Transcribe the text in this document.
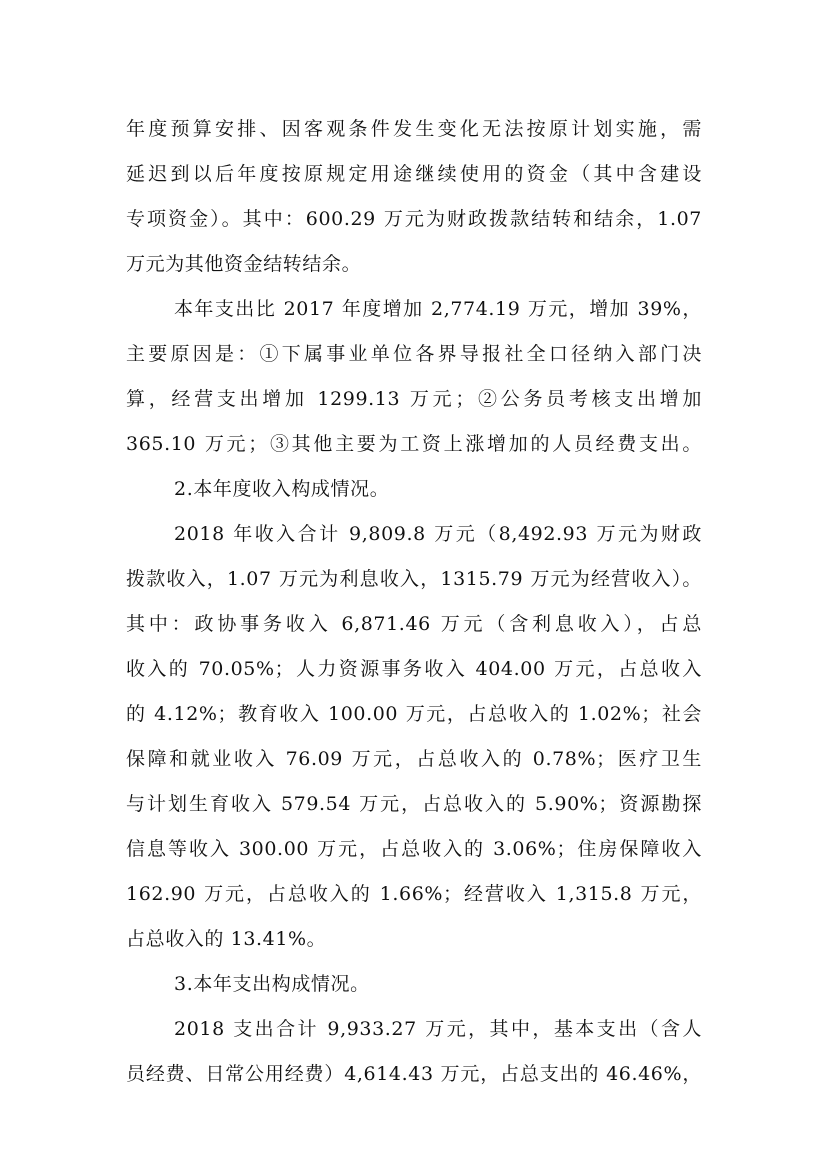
年度预算安排、因客观条件发生变化无法按原计划实施，需
延迟到以后年度按原规定用途继续使用的资金（其中含建设
专项资金）。其中：600.29 万元为财政拨款结转和结余，1.07
万元为其他资金结转结余。
本年支出比 2017 年度增加 2,774.19 万元，增加 39%，
主要原因是：①下属事业单位各界导报社全口径纳入部门决
算，经营支出增加 1299.13 万元；②公务员考核支出增加
365.10 万元；③其他主要为工资上涨增加的人员经费支出。
2.本年度收入构成情况。
2018 年收入合计 9,809.8 万元（8,492.93 万元为财政
拨款收入，1.07 万元为利息收入，1315.79 万元为经营收入）。
其中：政协事务收入 6,871.46 万元（含利息收入），占总
收入的 70.05%；人力资源事务收入 404.00 万元，占总收入
的 4.12%；教育收入 100.00 万元，占总收入的 1.02%；社会
保障和就业收入 76.09 万元，占总收入的 0.78%；医疗卫生
与计划生育收入 579.54 万元，占总收入的 5.90%；资源勘探
信息等收入 300.00 万元，占总收入的 3.06%；住房保障收入
162.90 万元，占总收入的 1.66%；经营收入 1,315.8 万元，
占总收入的 13.41%。
3.本年支出构成情况。
2018 支出合计 9,933.27 万元，其中，基本支出（含人
员经费、日常公用经费）4,614.43 万元，占总支出的 46.46%，
